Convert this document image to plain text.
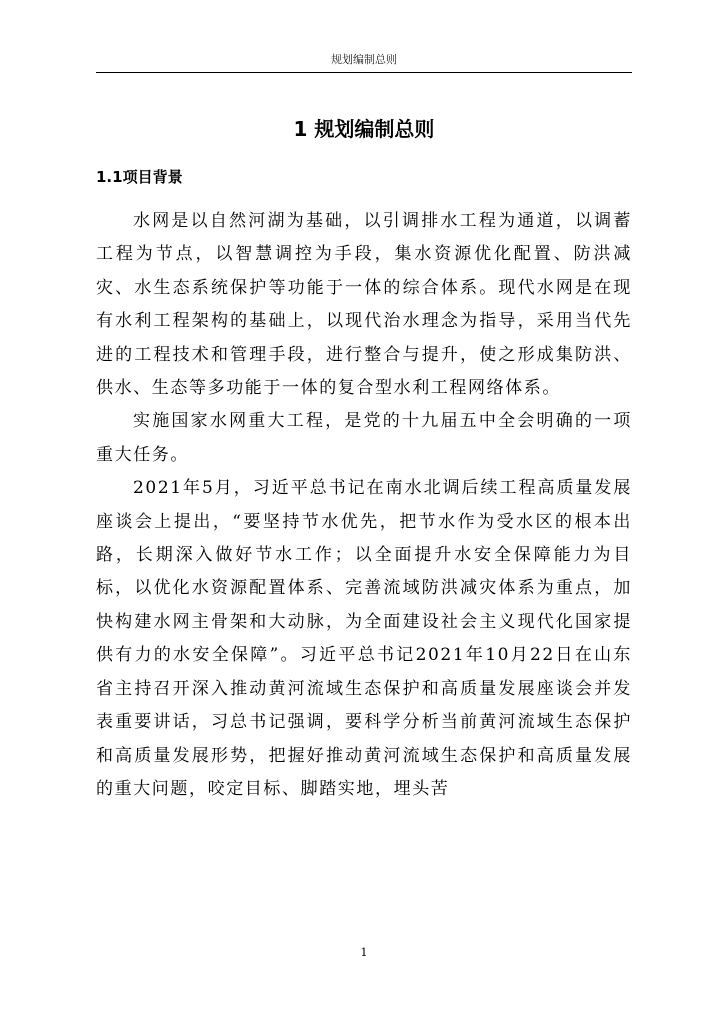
规划编制总则
1 规划编制总则
1.1项目背景

水网是以自然河湖为基础，以引调排水工程为通道，以调蓄工程为节点，以智慧调控为手段，集水资源优化配置、防洪减灾、水生态系统保护等功能于一体的综合体系。现代水网是在现有水利工程架构的基础上，以现代治水理念为指导，采用当代先进的工程技术和管理手段，进行整合与提升，使之形成集防洪、供水、生态等多功能于一体的复合型水利工程网络体系。

实施国家水网重大工程，是党的十九届五中全会明确的一项重大任务。

2021年5月，习近平总书记在南水北调后续工程高质量发展座谈会上提出，“要坚持节水优先，把节水作为受水区的根本出路，长期深入做好节水工作；以全面提升水安全保障能力为目标，以优化水资源配置体系、完善流域防洪减灾体系为重点，加快构建水网主骨架和大动脉，为全面建设社会主义现代化国家提供有力的水安全保障”。习近平总书记2021年10月22日在山东省主持召开深入推动黄河流域生态保护和高质量发展座谈会并发表重要讲话，习总书记强调，要科学分析当前黄河流域生态保护和高质量发展形势，把握好推动黄河流域生态保护和高质量发展的重大问题，咬定目标、脚踏实地，埋头苦

1
